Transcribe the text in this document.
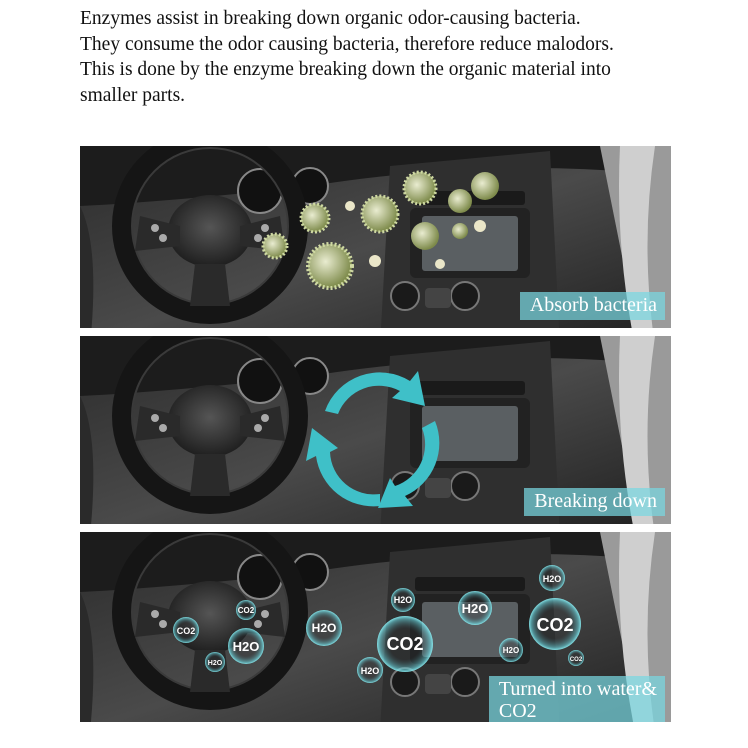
Enzymes assist in breaking down organic odor-causing bacteria.
They consume the odor causing bacteria, therefore reduce malodors.
This is done by the enzyme breaking down the organic material into
smaller parts.
Absorb bacteria
Breaking down
H2O
CO2
H2O
H2O
CO2
H2O
H2O
CO2
CO2
H2O
H2O
H2O
CO2
Turned into water&
CO2
